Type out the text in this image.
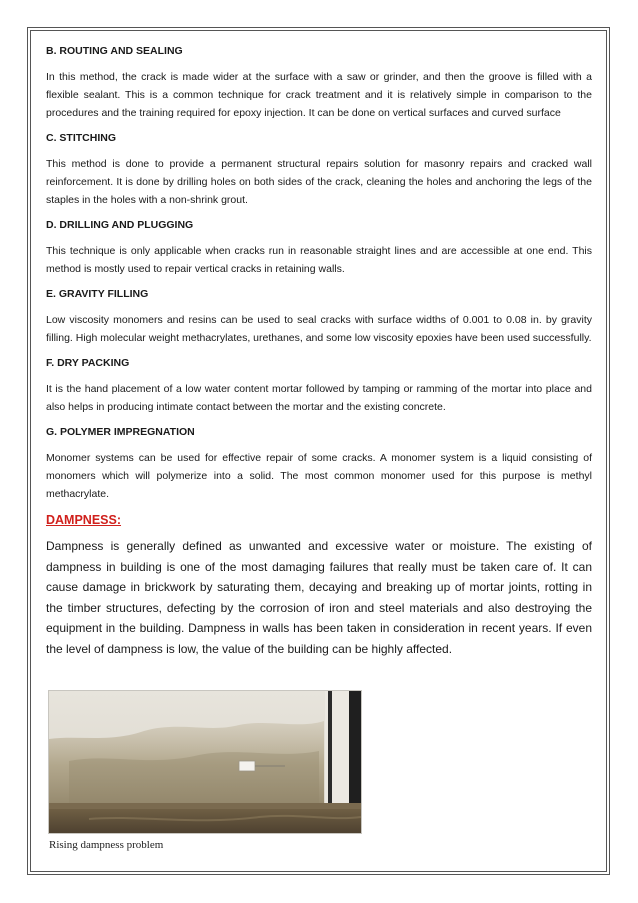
B. ROUTING AND SEALING

In this method, the crack is made wider at the surface with a saw or grinder, and then the groove is filled with a flexible sealant. This is a common technique for crack treatment and it is relatively simple in comparison to the procedures and the training required for epoxy injection. It can be done on vertical surfaces and curved surface

C. STITCHING

This method is done to provide a permanent structural repairs solution for masonry repairs and cracked wall reinforcement. It is done by drilling holes on both sides of the crack, cleaning the holes and anchoring the legs of the staples in the holes with a non-shrink grout.

D. DRILLING AND PLUGGING

This technique is only applicable when cracks run in reasonable straight lines and are accessible at one end. This method is mostly used to repair vertical cracks in retaining walls.

E. GRAVITY FILLING

Low viscosity monomers and resins can be used to seal cracks with surface widths of 0.001 to 0.08 in. by gravity filling. High molecular weight methacrylates, urethanes, and some low viscosity epoxies have been used successfully.

F. DRY PACKING

It is the hand placement of a low water content mortar followed by tamping or ramming of the mortar into place and also helps in producing intimate contact between the mortar and the existing concrete.

G. POLYMER IMPREGNATION

Monomer systems can be used for effective repair of some cracks. A monomer system is a liquid consisting of monomers which will polymerize into a solid. The most common monomer used for this purpose is methyl methacrylate.

DAMPNESS:

Dampness is generally defined as unwanted and excessive water or moisture. The existing of dampness in building is one of the most damaging failures that really must be taken care of. It can cause damage in brickwork by saturating them, decaying and breaking up of mortar joints, rotting in the timber structures, defecting by the corrosion of iron and steel materials and also destroying the equipment in the building. Dampness in walls has been taken in consideration in recent years. If even the level of dampness is low, the value of the building can be highly affected.

Rising dampness problem
